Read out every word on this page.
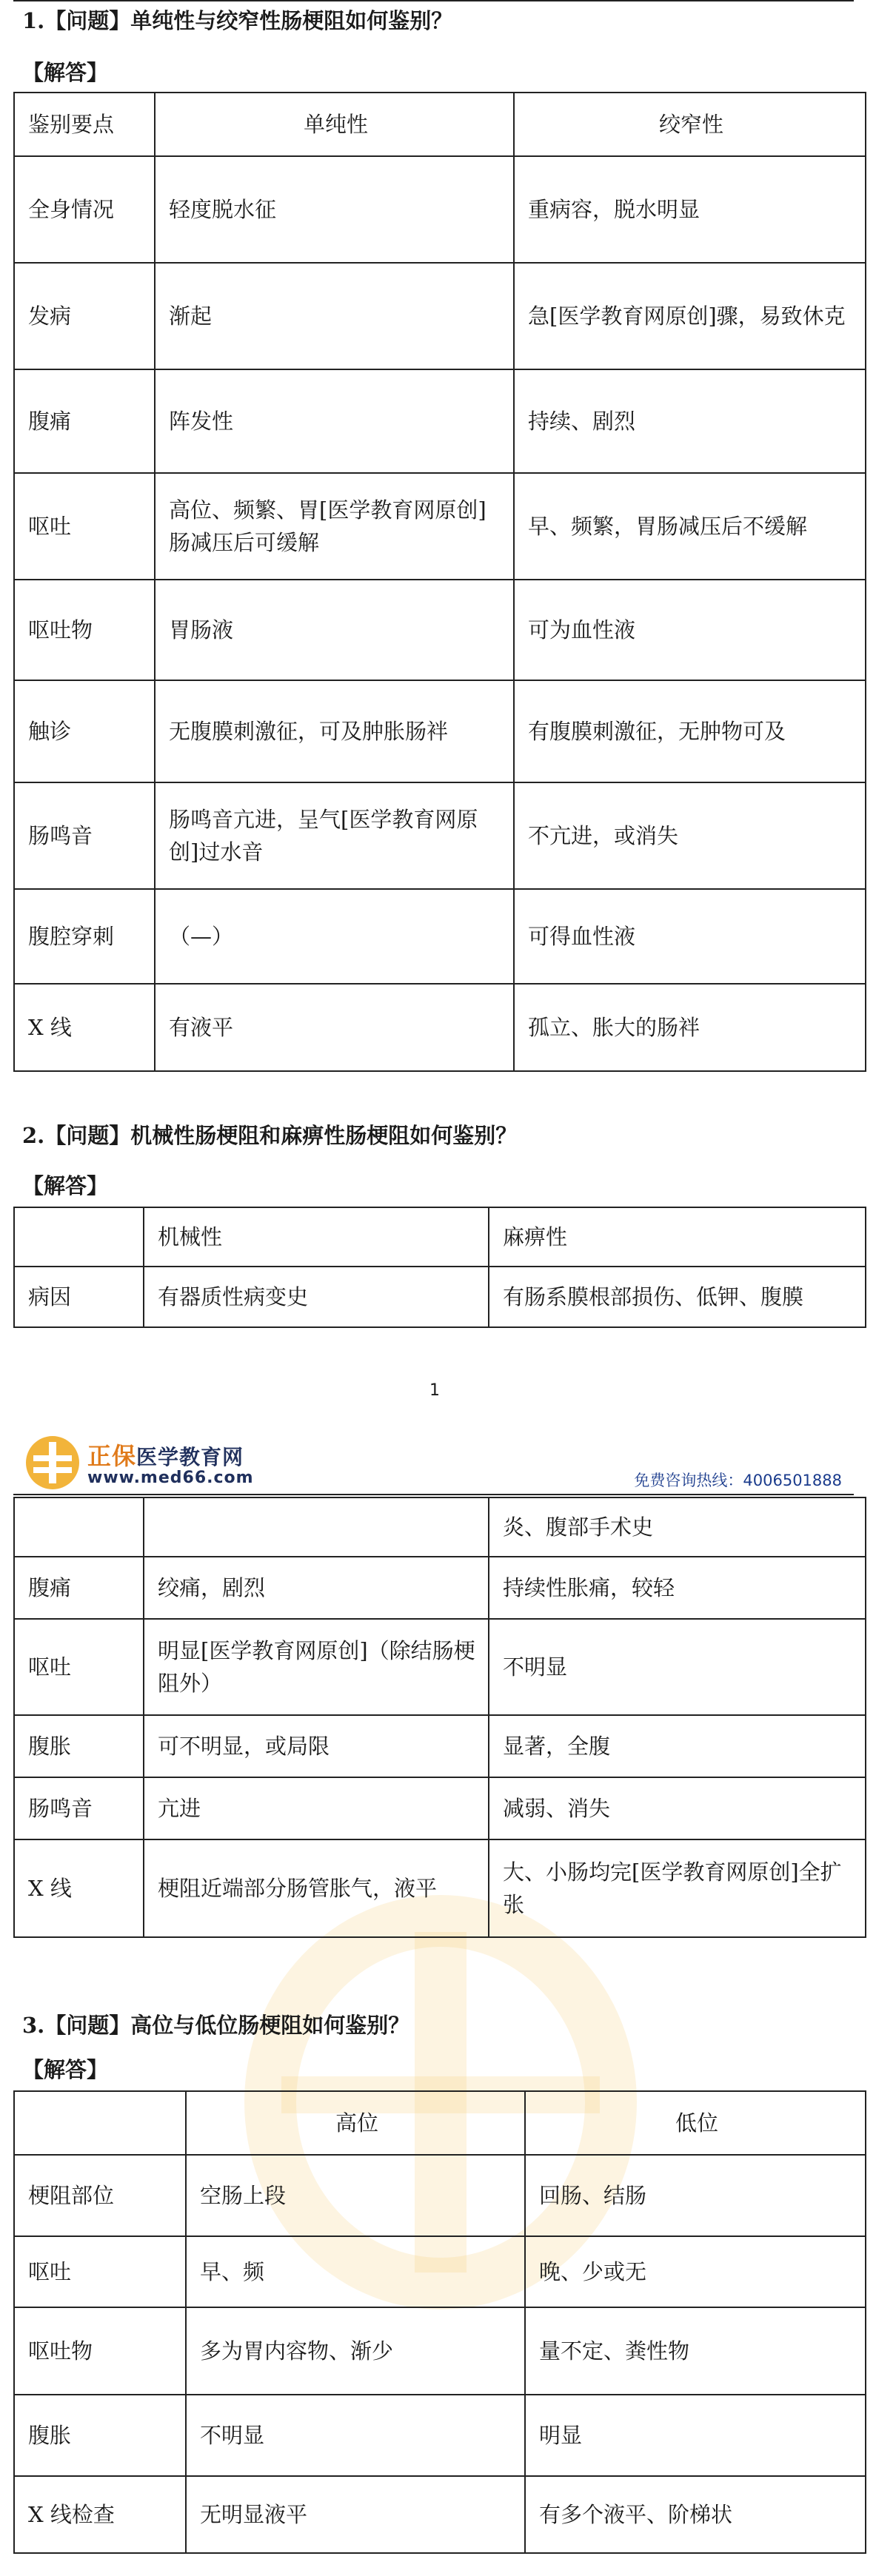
1.【问题】单纯性与绞窄性肠梗阻如何鉴别？
【解答】
鉴别要点	单纯性	绞窄性
全身情况	轻度脱水征	重病容，脱水明显
发病	渐起	急[医学教育网原创]骤，易致休克
腹痛	阵发性	持续、剧烈
呕吐	高位、频繁、胃[医学教育网原创]肠减压后可缓解	早、频繁，胃肠减压后不缓解
呕吐物	胃肠液	可为血性液
触诊	无腹膜刺激征，可及肿胀肠袢	有腹膜刺激征，无肿物可及
肠鸣音	肠鸣音亢进，呈气[医学教育网原创]过水音	不亢进，或消失
腹腔穿刺	（—）	可得血性液
X 线	有液平	孤立、胀大的肠袢
2.【问题】机械性肠梗阻和麻痹性肠梗阻如何鉴别？
【解答】
	机械性	麻痹性
病因	有器质性病变史	有肠系膜根部损伤、低钾、腹膜
1
正保医学教育网
www.med66.com	免费咨询热线：4006501888
		炎、腹部手术史
腹痛	绞痛，剧烈	持续性胀痛，较轻
呕吐	明显[医学教育网原创]（除结肠梗阻外）	不明显
腹胀	可不明显，或局限	显著，全腹
肠鸣音	亢进	减弱、消失
X 线	梗阻近端部分肠管胀气，液平	大、小肠均完[医学教育网原创]全扩张
3.【问题】高位与低位肠梗阻如何鉴别？
【解答】
	高位	低位
梗阻部位	空肠上段	回肠、结肠
呕吐	早、频	晚、少或无
呕吐物	多为胃内容物、渐少	量不定、粪性物
腹胀	不明显	明显
X 线检查	无明显液平	有多个液平、阶梯状
